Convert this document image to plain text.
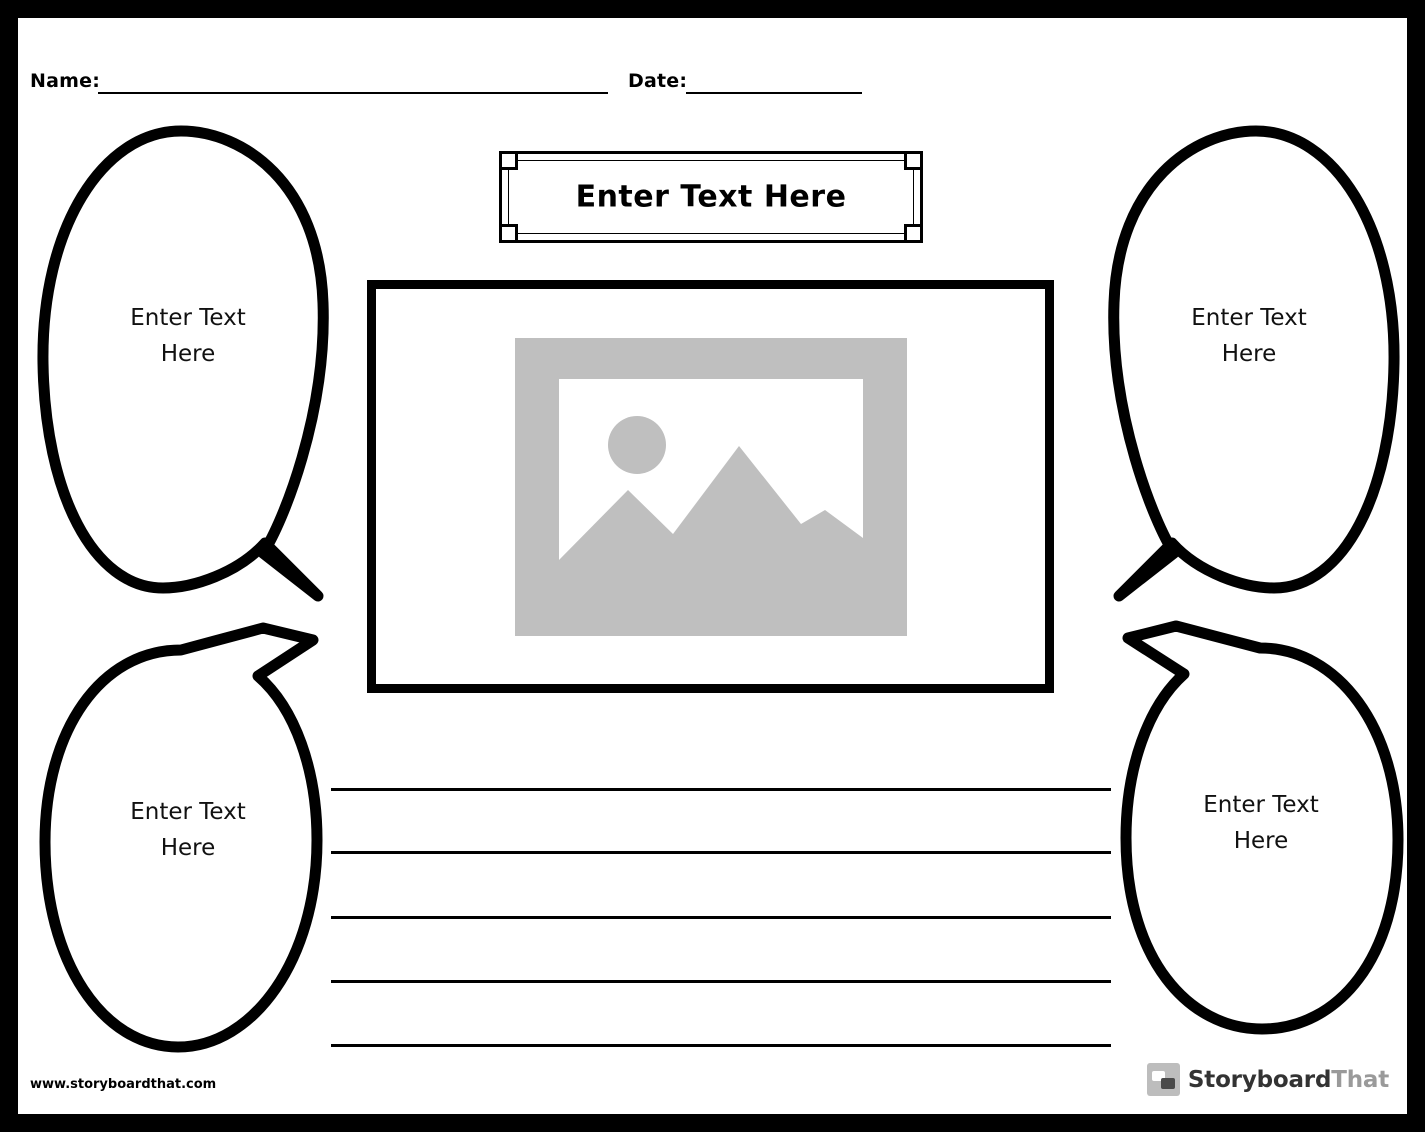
Name:	Date:
Enter Text Here
Enter Text
Here
Enter Text
Here
Enter Text
Here
Enter Text
Here
www.storyboardthat.com	StoryboardThat
